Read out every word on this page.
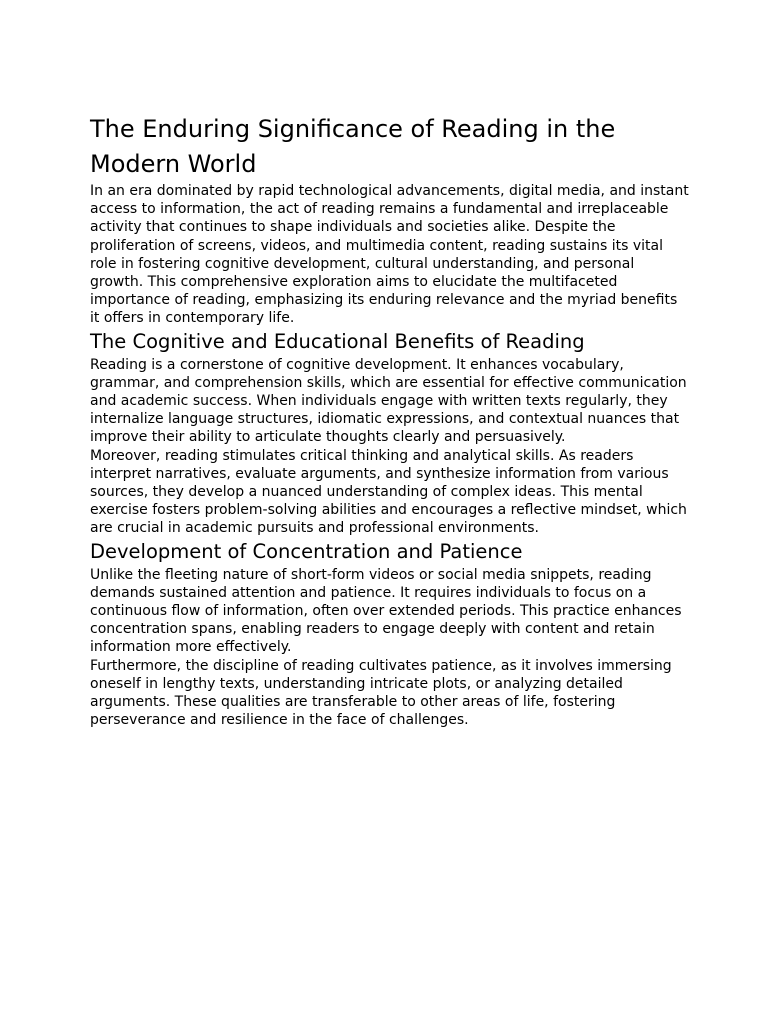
The Enduring Significance of Reading in the Modern World

In an era dominated by rapid technological advancements, digital media, and instant access to information, the act of reading remains a fundamental and irreplaceable activity that continues to shape individuals and societies alike. Despite the proliferation of screens, videos, and multimedia content, reading sustains its vital role in fostering cognitive development, cultural understanding, and personal growth. This comprehensive exploration aims to elucidate the multifaceted importance of reading, emphasizing its enduring relevance and the myriad benefits it offers in contemporary life.

The Cognitive and Educational Benefits of Reading

Reading is a cornerstone of cognitive development. It enhances vocabulary, grammar, and comprehension skills, which are essential for effective communication and academic success. When individuals engage with written texts regularly, they internalize language structures, idiomatic expressions, and contextual nuances that improve their ability to articulate thoughts clearly and persuasively.

Moreover, reading stimulates critical thinking and analytical skills. As readers interpret narratives, evaluate arguments, and synthesize information from various sources, they develop a nuanced understanding of complex ideas. This mental exercise fosters problem-solving abilities and encourages a reflective mindset, which are crucial in academic pursuits and professional environments.

Development of Concentration and Patience

Unlike the fleeting nature of short-form videos or social media snippets, reading demands sustained attention and patience. It requires individuals to focus on a continuous flow of information, often over extended periods. This practice enhances concentration spans, enabling readers to engage deeply with content and retain information more effectively.

Furthermore, the discipline of reading cultivates patience, as it involves immersing oneself in lengthy texts, understanding intricate plots, or analyzing detailed arguments. These qualities are transferable to other areas of life, fostering perseverance and resilience in the face of challenges.
